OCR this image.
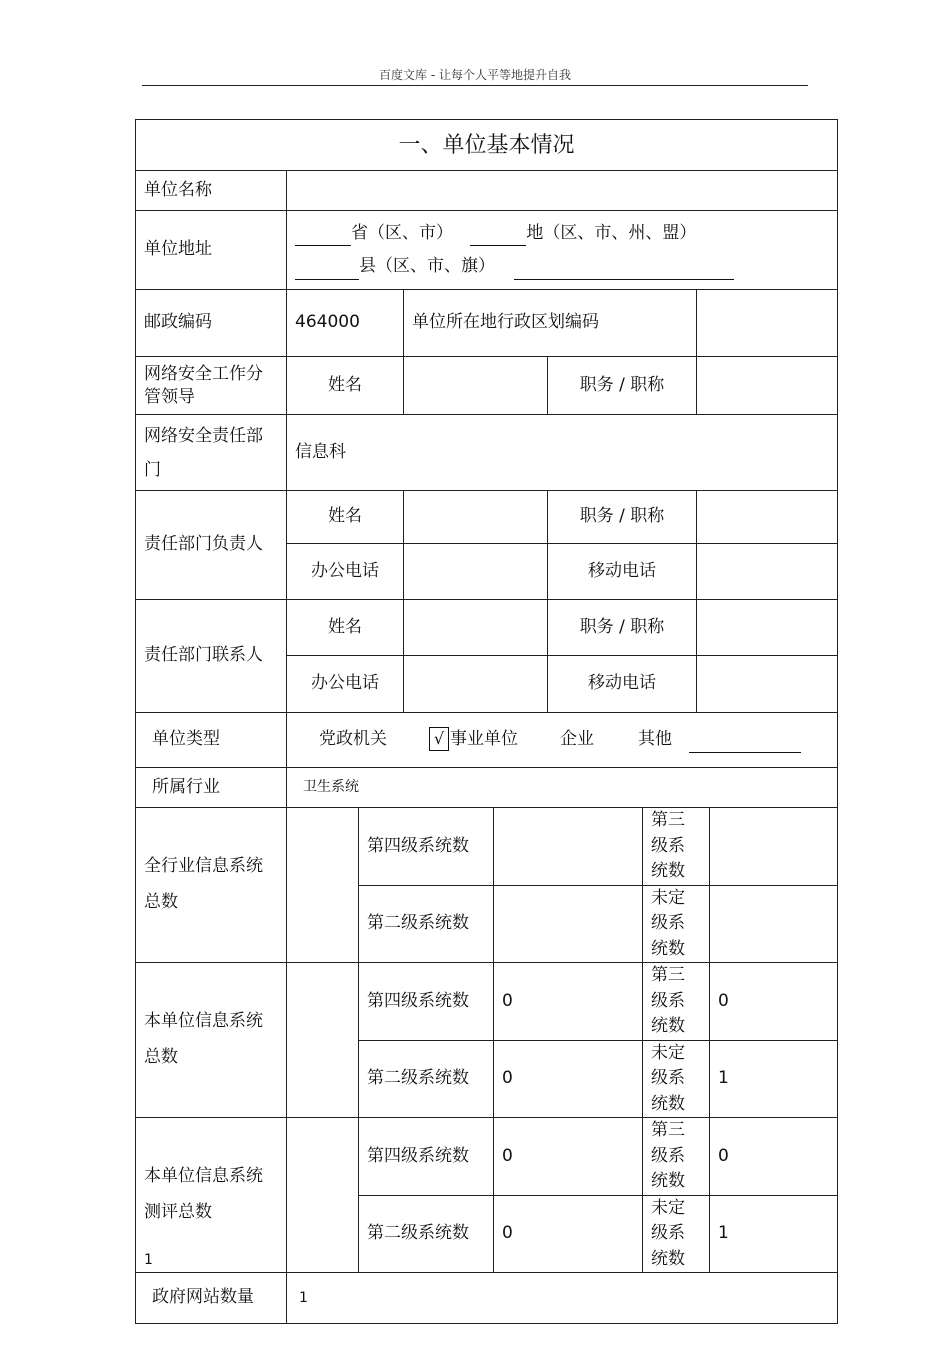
百度文库 - 让每个人平等地提升自我
一、单位基本情况								
单位名称								
单位地址	省（区、市） 地（区、市、州、盟）
县（区、市、旗）							

邮政编码	464000		单位所在地行政区划编码					
网络安全工作分管领导	姓名				职务 / 职称			
网络安全责任部门	信息科							
责任部门负责人	姓名				职务 / 职称			
	办公电话				移动电话			
责任部门联系人	姓名				职务 / 职称			
	办公电话				移动电话			
单位类型	党政机关 √ 事业单位 企业 其他							
所属行业	卫生系统							
全行业信息系统总数		第四级系统数				第三级系统数		
		第二级系统数				未定级系统数		
本单位信息系统总数		第四级系统数		0		第三级系统数		0
		第二级系统数		0		未定级系统数		1
本单位信息系统测评总数		第四级系统数		0		第三级系统数		0
		第二级系统数		0		未定级系统数		1
政府网站数量	1							
1
